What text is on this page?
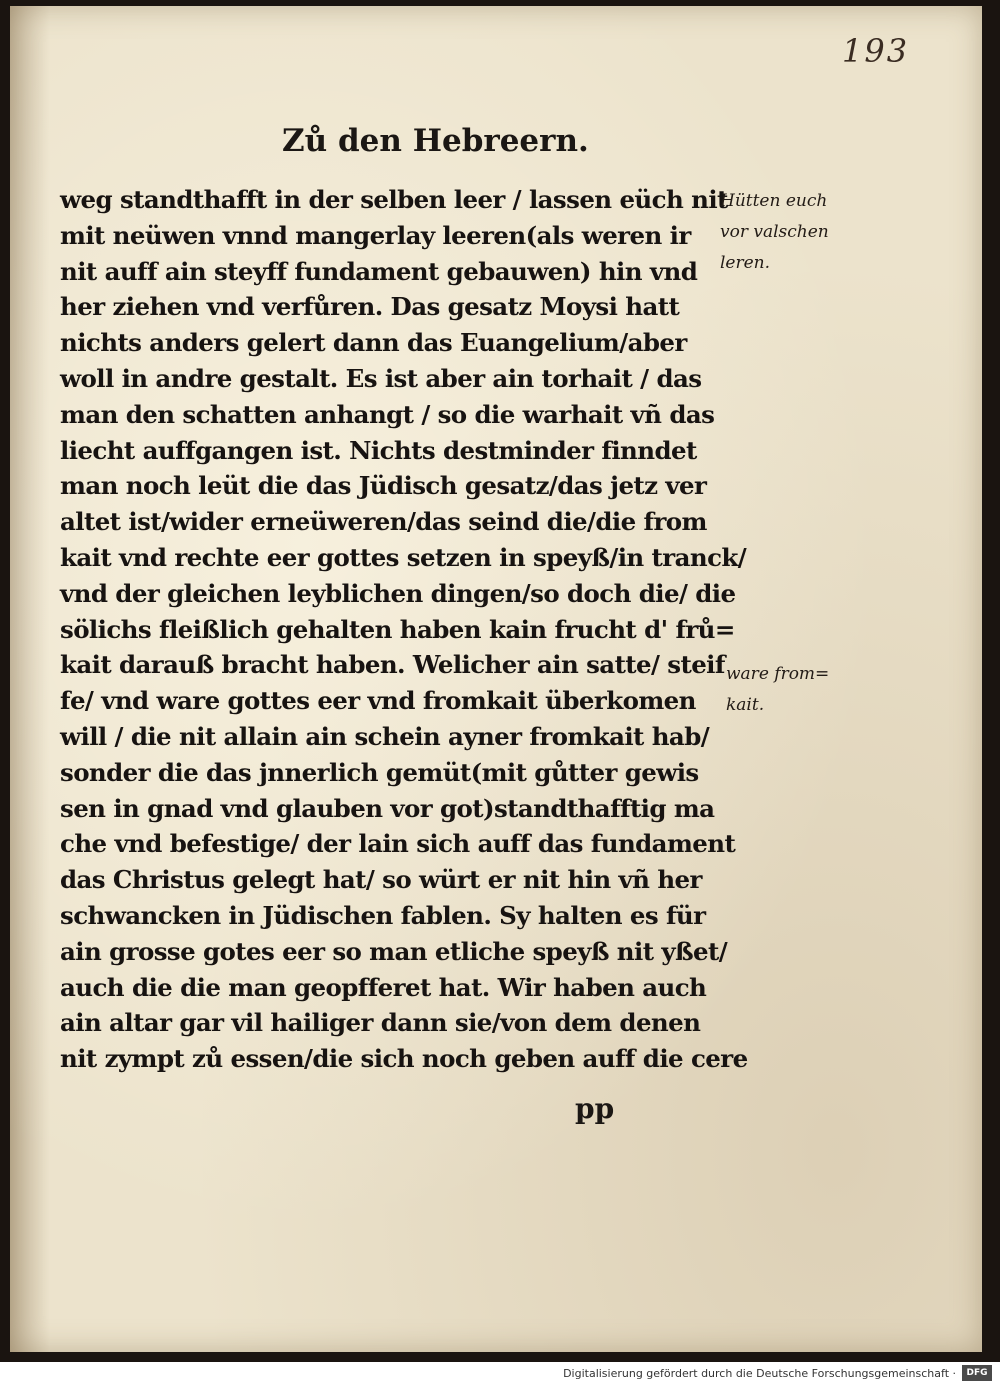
193
Zů den Hebreern.
weg standthafft in der selben leer / lassen eüch nit
mit neüwen vnnd mangerlay leeren(als weren ir
nit auff ain steyff fundament gebauwen) hin vnd
her ziehen vnd verfůren. Das gesatz Moysi hatt
nichts anders gelert dann das Euangelium/aber
woll in andre gestalt. Es ist aber ain torhait / das
man den schatten anhangt / so die warhait vñ das
liecht auffgangen ist. Nichts destminder finndet
man noch leüt die das Jüdisch gesatz/das jetz ver
altet ist/wider erneüweren/das seind die/die from
kait vnd rechte eer gottes setzen in speyß/in tranck/
vnd der gleichen leyblichen dingen/so doch die/ die
sölichs fleißlich gehalten haben kain frucht d' frů=
kait darauß bracht haben. Welicher ain satte/ steif
fe/ vnd ware gottes eer vnd fromkait überkomen
will / die nit allain ain schein ayner fromkait hab/
sonder die das jnnerlich gemüt(mit gůtter gewis
sen in gnad vnd glauben vor got)standthafftig ma
che vnd befestige/ der lain sich auff das fundament
das Christus gelegt hat/ so würt er nit hin vñ her
schwancken in Jüdischen fablen. Sy halten es für
ain grosse gotes eer so man etliche speyß nit yßet/
auch die die man geopfferet hat. Wir haben auch
ain altar gar vil hailiger dann sie/von dem denen
nit zympt zů essen/die sich noch geben auff die cere
Hütten euch
vor valschen
leren.
ware from=
kait.
pp
Digitalisierung gefördert durch die Deutsche Forschungsgemeinschaft ·	DFG
